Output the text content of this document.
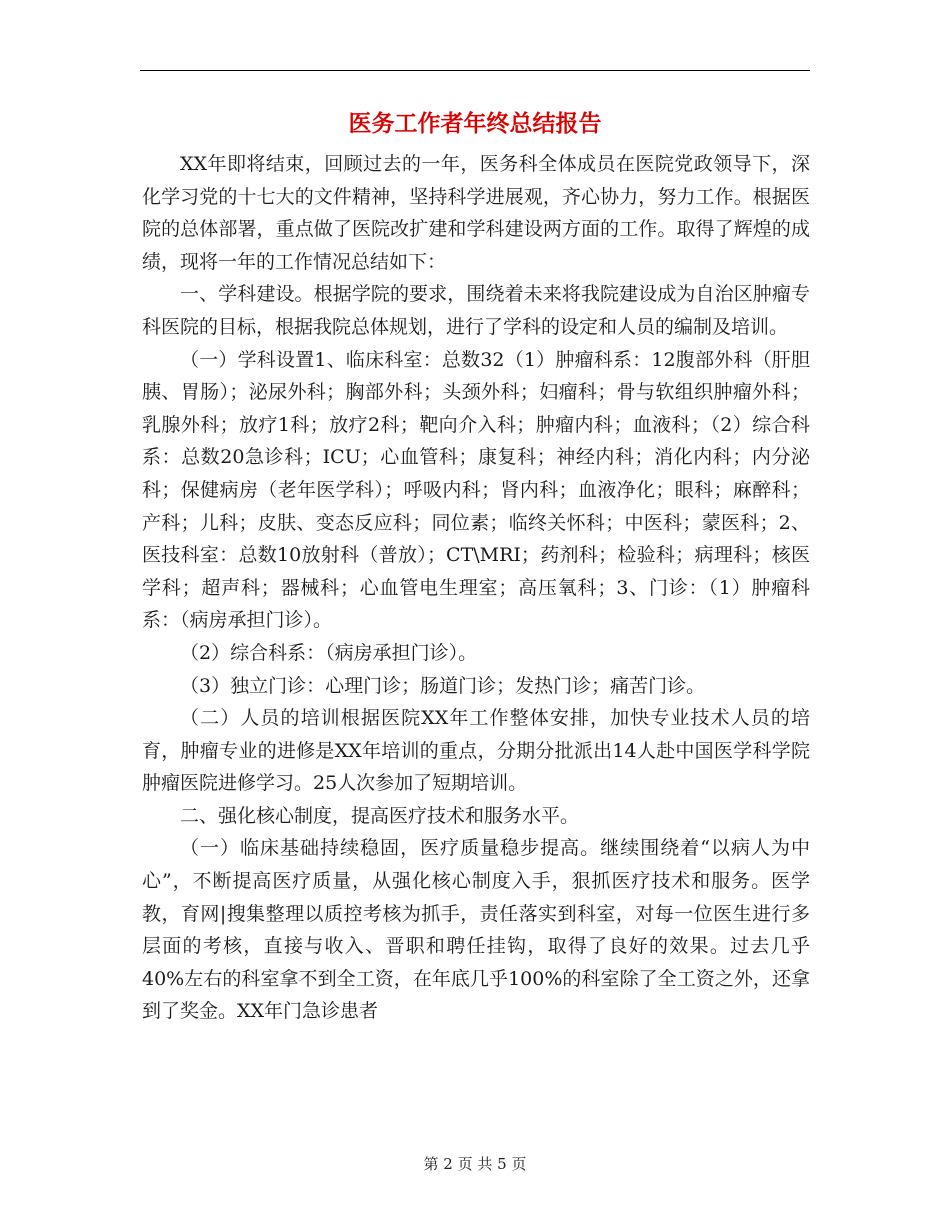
医务工作者年终总结报告

XX年即将结束，回顾过去的一年，医务科全体成员在医院党政领导下，深化学习党的十七大的文件精神，坚持科学进展观，齐心协力，努力工作。根据医院的总体部署，重点做了医院改扩建和学科建设两方面的工作。取得了辉煌的成绩，现将一年的工作情况总结如下：

一、学科建设。根据学院的要求，围绕着未来将我院建设成为自治区肿瘤专科医院的目标，根据我院总体规划，进行了学科的设定和人员的编制及培训。

（一）学科设置1、临床科室：总数32（1）肿瘤科系：12腹部外科（肝胆胰、胃肠）；泌尿外科；胸部外科；头颈外科；妇瘤科；骨与软组织肿瘤外科；乳腺外科；放疗1科；放疗2科；靶向介入科；肿瘤内科；血液科；（2）综合科系：总数20急诊科；ICU；心血管科；康复科；神经内科；消化内科；内分泌科；保健病房（老年医学科）；呼吸内科；肾内科；血液净化；眼科；麻醉科；产科；儿科；皮肤、变态反应科；同位素；临终关怀科；中医科；蒙医科；2、医技科室：总数10放射科（普放）；CT\MRI；药剂科；检验科；病理科；核医学科；超声科；器械科；心血管电生理室；高压氧科；3、门诊：（1）肿瘤科系：（病房承担门诊）。

（2）综合科系：（病房承担门诊）。

（3）独立门诊：心理门诊；肠道门诊；发热门诊；痛苦门诊。

（二）人员的培训根据医院XX年工作整体安排，加快专业技术人员的培育，肿瘤专业的进修是XX年培训的重点，分期分批派出14人赴中国医学科学院肿瘤医院进修学习。25人次参加了短期培训。

二、强化核心制度，提高医疗技术和服务水平。

（一）临床基础持续稳固，医疗质量稳步提高。继续围绕着“以病人为中心”，不断提高医疗质量，从强化核心制度入手，狠抓医疗技术和服务。医学教，育网|搜集整理以质控考核为抓手，责任落实到科室，对每一位医生进行多层面的考核，直接与收入、晋职和聘任挂钩，取得了良好的效果。过去几乎40%左右的科室拿不到全工资，在年底几乎100%的科室除了全工资之外，还拿到了奖金。XX年门急诊患者

第 2 页 共 5 页
